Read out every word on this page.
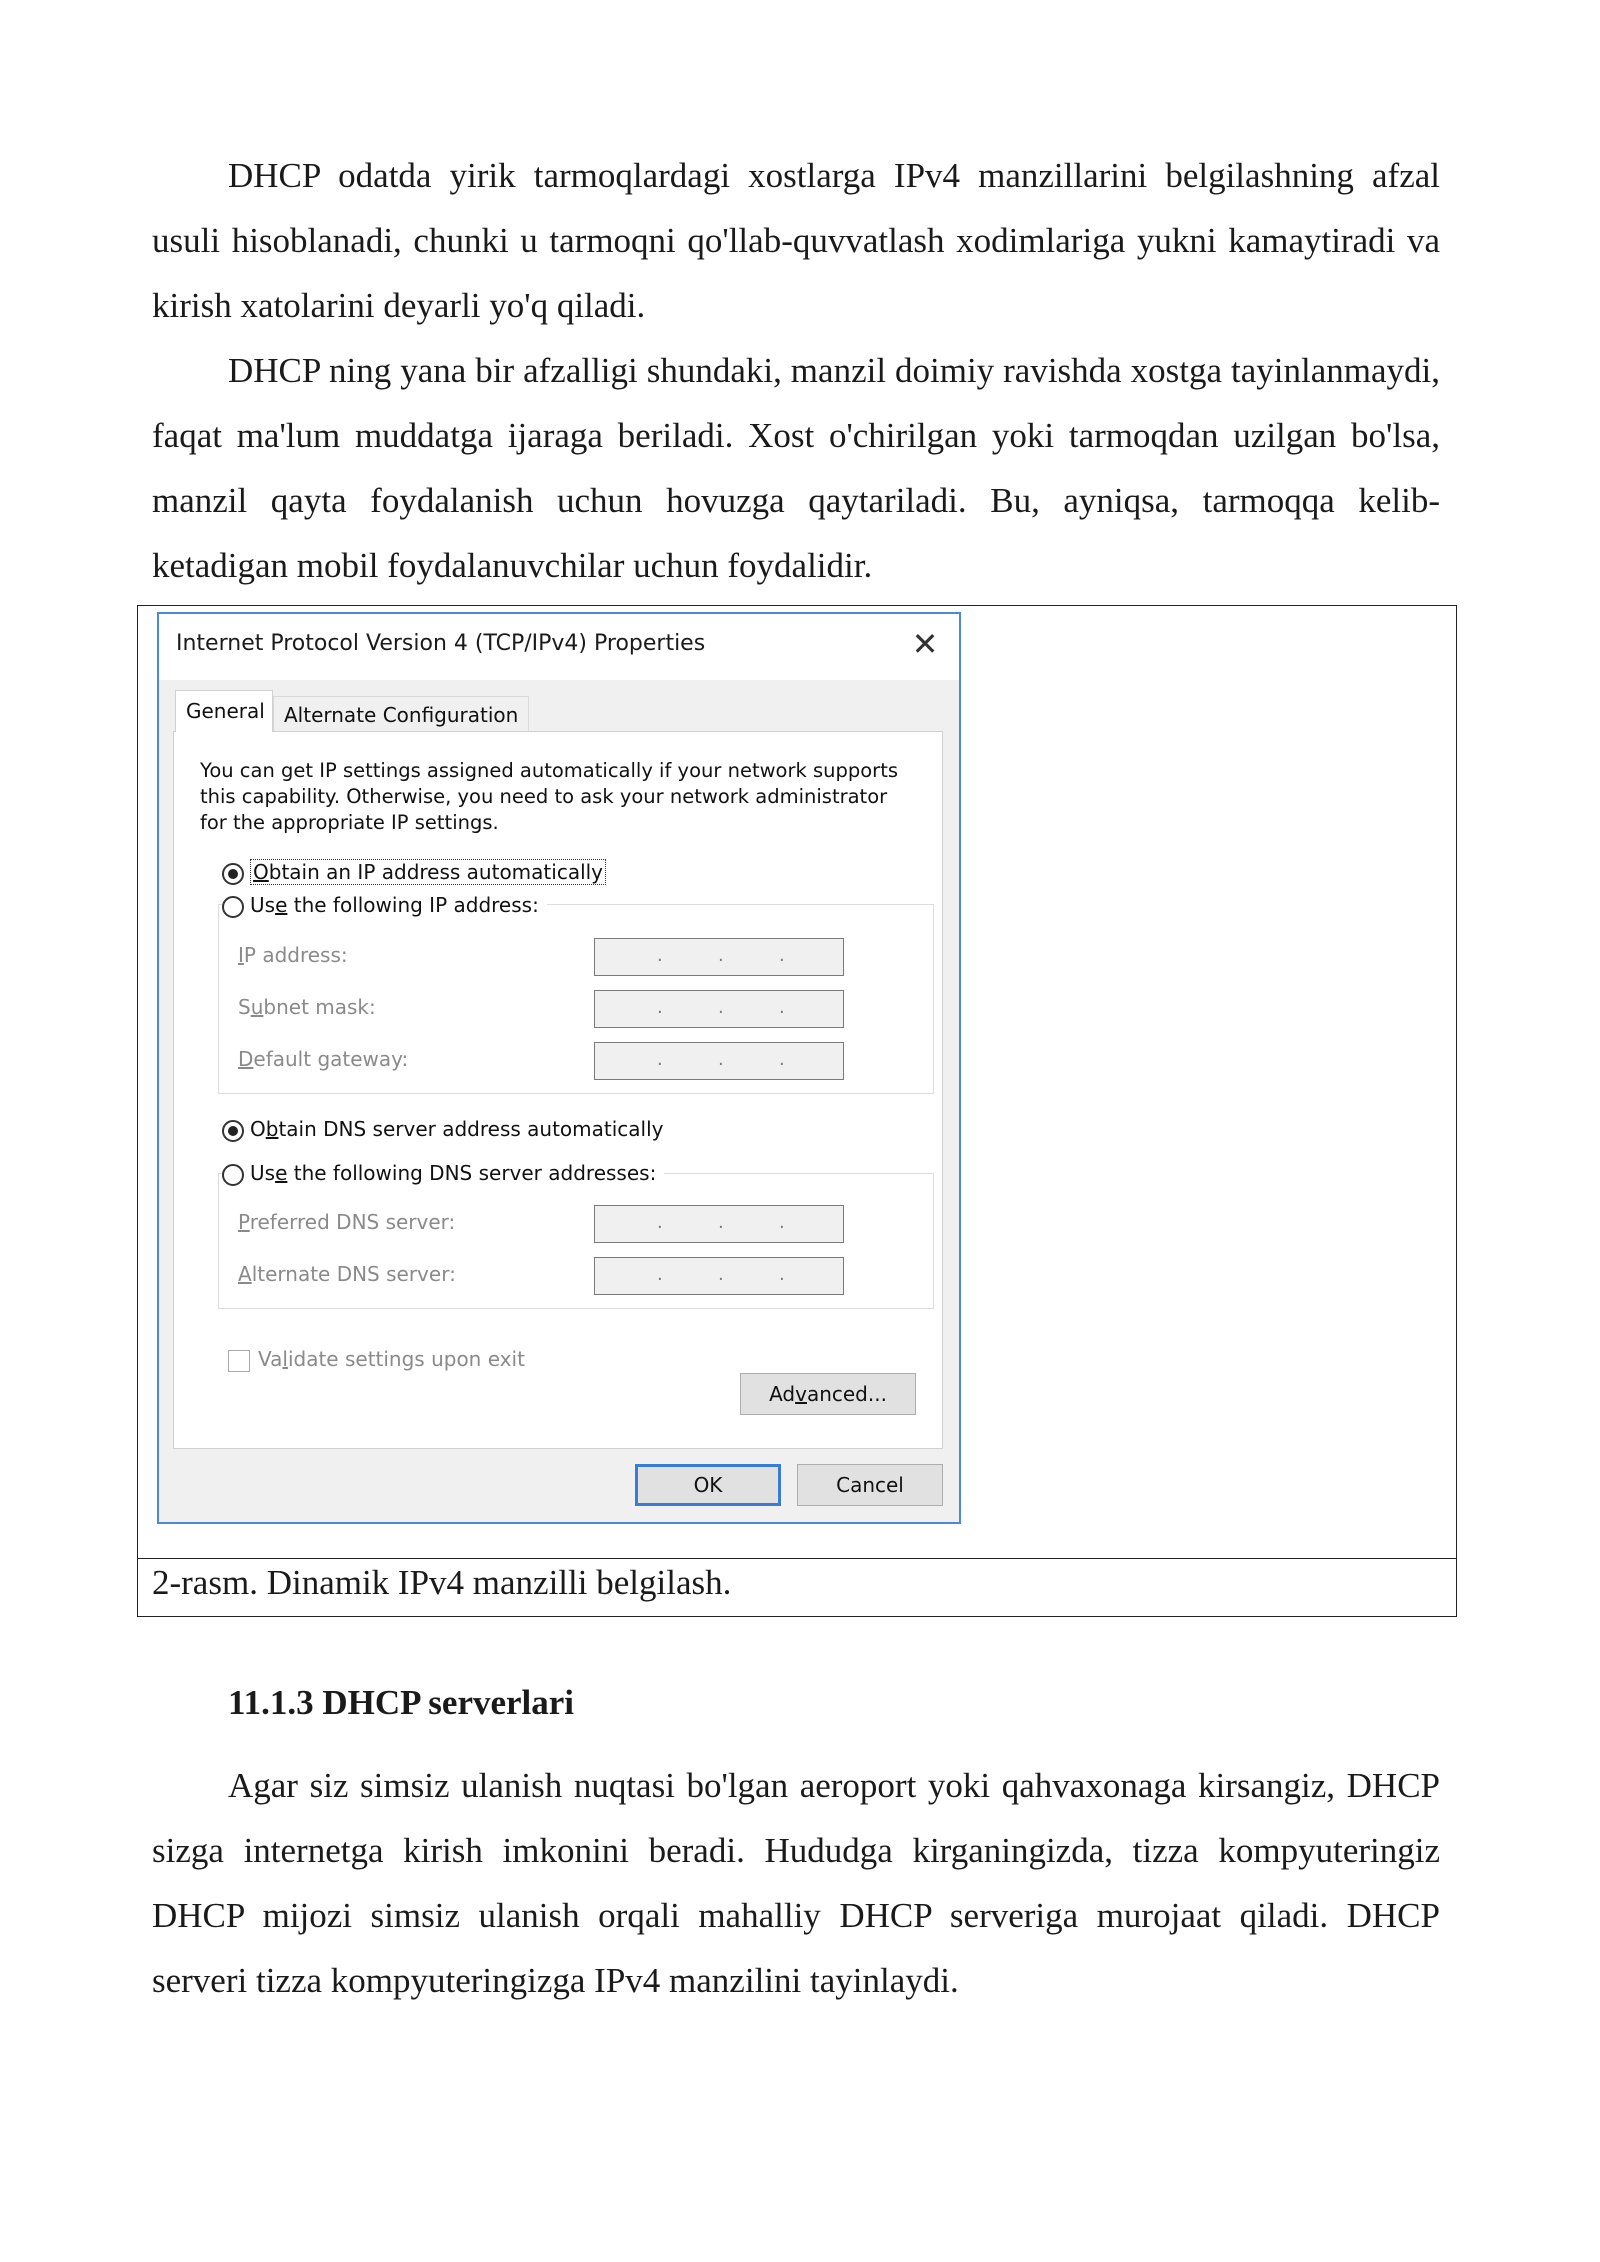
DHCP odatda yirik tarmoqlardagi xostlarga IPv4 manzillarini belgilashning afzal usuli hisoblanadi, chunki u tarmoqni qo'llab-quvvatlash xodimlariga yukni kamaytiradi va kirish xatolarini deyarli yo'q qiladi.

DHCP ning yana bir afzalligi shundaki, manzil doimiy ravishda xostga tayinlanmaydi, faqat ma'lum muddatga ijaraga beriladi. Xost o'chirilgan yoki tarmoqdan uzilgan bo'lsa, manzil qayta foydalanish uchun hovuzga qaytariladi. Bu, ayniqsa, tarmoqqa kelib-ketadigan mobil foydalanuvchilar uchun foydalidir.

2-rasm. Dinamik IPv4 manzilli belgilash.
Internet Protocol Version 4 (TCP/IPv4) Properties	✕
General Alternate Configuration
You can get IP settings assigned automatically if your network supports this capability. Otherwise, you need to ask your network administrator for the appropriate IP settings.
Obtain an IP address automatically
Use the following IP address:
IP address:	.	.	.
Subnet mask:	.	.	.
Default gateway:	.	.	.
Obtain DNS server address automatically
Use the following DNS server addresses:
Preferred DNS server:	.	.	.
Alternate DNS server:	.	.	.
Validate settings upon exit
Advanced...
OK	Cancel
11.1.3 DHCP serverlari

Agar siz simsiz ulanish nuqtasi bo'lgan aeroport yoki qahvaxonaga kirsangiz, DHCP sizga internetga kirish imkonini beradi. Hududga kirganingizda, tizza kompyuteringiz DHCP mijozi simsiz ulanish orqali mahalliy DHCP serveriga murojaat qiladi. DHCP serveri tizza kompyuteringizga IPv4 manzilini tayinlaydi.
